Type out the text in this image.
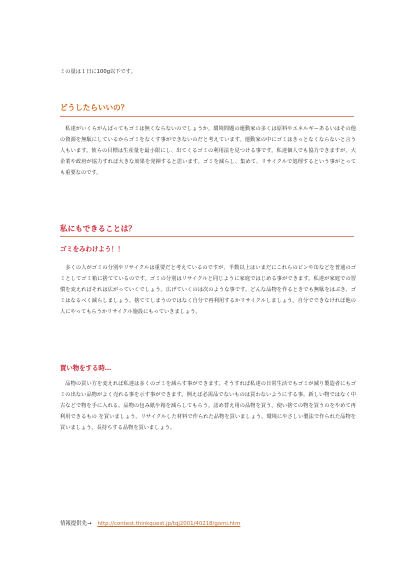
ミの量は１日に100g以下です。

どうしたらいいの？

　私達がいくらがんばってもゴミは無くならないのでしょうか。環境問題の運動家の多くは原料やエネルギーあるいはその他の資源を無駄にしているからゴミをなくす事ができないのだと考えています。運動家の中にゴミはきっとなくならないと言う人もいます。彼らの目標は生産量を最小限にし、出てくるゴミの利用法を見つける事です。私達個人でも協力できますが、大企業や政府が協力すれば大きな効果を発揮すると思います。ゴミを減らし、集めて、リサイクルで処理するという事がとっても重要なのです。

私にもできることは？
ゴミをみわけよう！！

　多くの人がゴミの分別やリサイクルは重要だと考えているのですが、半数以上はいまだにこれらのビンや缶などを普通のゴミとしてゴミ箱に捨てているのです。ゴミの分別はリサイクルと同じように家庭ではじめる事ができます。私達が家庭での習慣を変えればそれは広がっていくでしょう。広げていくのは次のような事です。どんな品物を作るときでも無駄をはぶき、ゴミはなるべく減らしましょう。捨ててしまうのではなく自分で再利用するかリサイクルしましょう。自分でできなければ他の人にやってもらうかリサイクル施設にもっていきましょう。

買い物をする時…

　品物の買い方を変えれば私達は多くのゴミを減らす事ができます。そうすれば私達の日常生活でもゴミが減り製造者にもゴミの出ない品物がよく売れる事を示す事ができます。例えば必需品でないものは買わないようにする事。新しい物ではなく中古などで物を手に入れる。品物の包み紙や箱を減らしてもらう。詰め替え用の品物を買う。使い捨ての物を買うのをやめて再利用できるもの を買いましょう。リサイクルした材料で作られた品物を買いましょう。環境にやさしい製法で作られた品物を買いましょう。長持ちする品物を買いましょう。

情報提供先→ http://contest.thinkquest.jp/tqj2001/40218/gomi.htm
